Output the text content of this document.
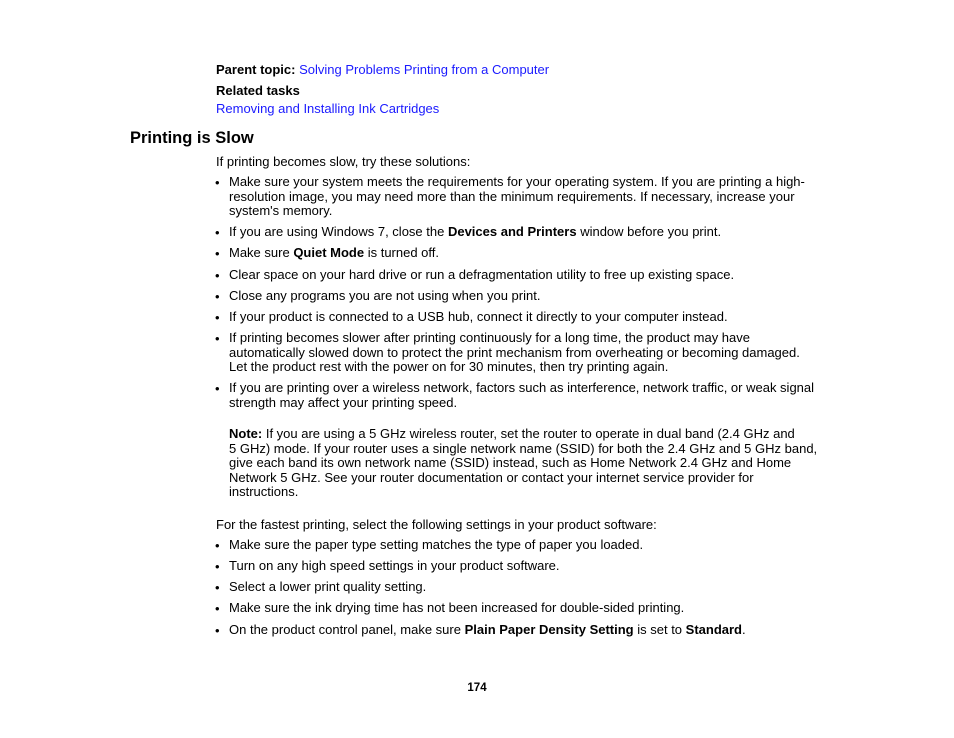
Parent topic: Solving Problems Printing from a Computer
Related tasks
Removing and Installing Ink Cartridges
Printing is Slow
If printing becomes slow, try these solutions:
• Make sure your system meets the requirements for your operating system. If you are printing a high-
resolution image, you may need more than the minimum requirements. If necessary, increase your
system's memory.
• If you are using Windows 7, close the Devices and Printers window before you print.
• Make sure Quiet Mode is turned off.
• Clear space on your hard drive or run a defragmentation utility to free up existing space.
• Close any programs you are not using when you print.
• If your product is connected to a USB hub, connect it directly to your computer instead.
• If printing becomes slower after printing continuously for a long time, the product may have
automatically slowed down to protect the print mechanism from overheating or becoming damaged.
Let the product rest with the power on for 30 minutes, then try printing again.
• If you are printing over a wireless network, factors such as interference, network traffic, or weak signal
strength may affect your printing speed.
Note: If you are using a 5 GHz wireless router, set the router to operate in dual band (2.4 GHz and
5 GHz) mode. If your router uses a single network name (SSID) for both the 2.4 GHz and 5 GHz band,
give each band its own network name (SSID) instead, such as Home Network 2.4 GHz and Home
Network 5 GHz. See your router documentation or contact your internet service provider for
instructions.
For the fastest printing, select the following settings in your product software:
• Make sure the paper type setting matches the type of paper you loaded.
• Turn on any high speed settings in your product software.
• Select a lower print quality setting.
• Make sure the ink drying time has not been increased for double-sided printing.
• On the product control panel, make sure Plain Paper Density Setting is set to Standard.
174
